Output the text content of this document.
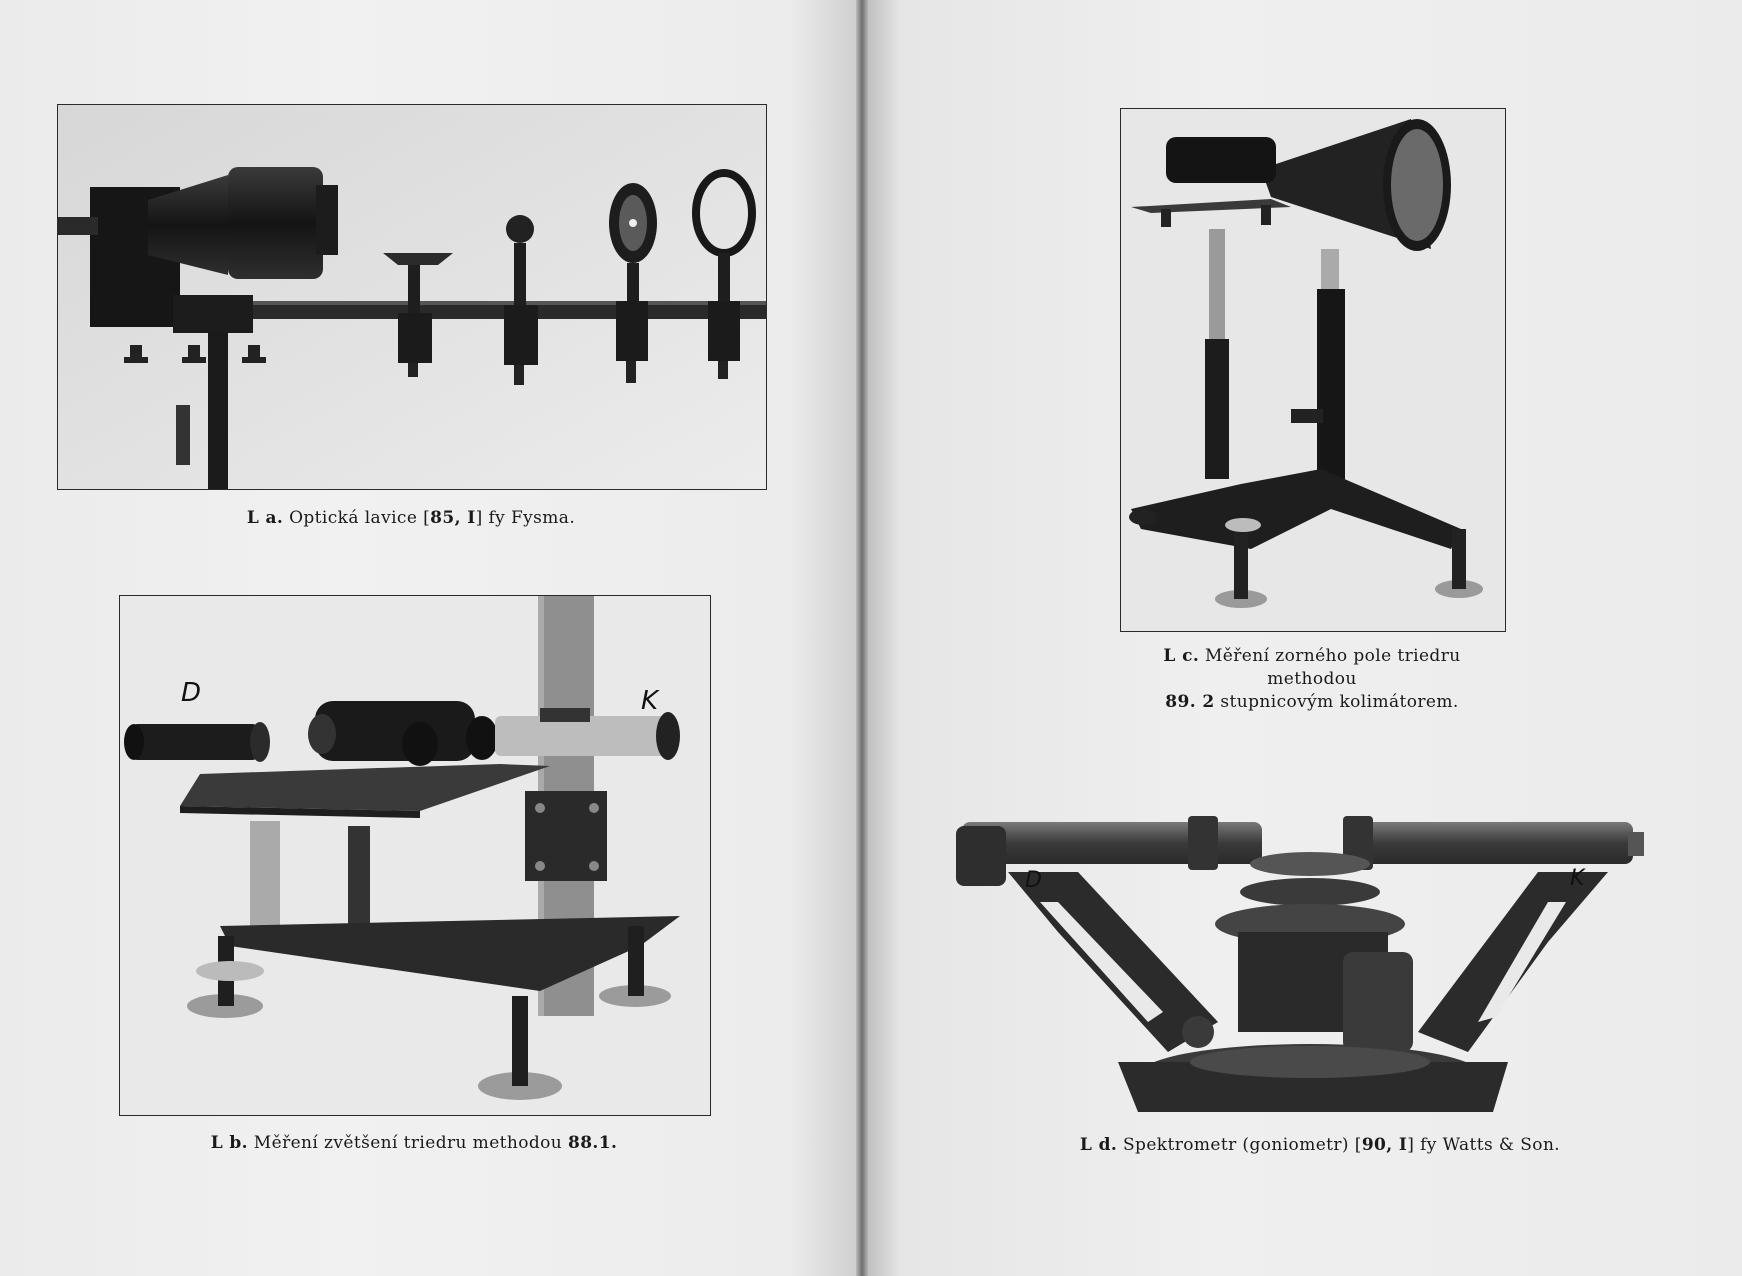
L a. Optická lavice [85, I] fy Fysma.
D	K
L b. Měření zvětšení triedru methodou 88.1.
L c. Měření zorného pole triedru methodou
89. 2 stupnicovým kolimátorem.
D	K
L d. Spektrometr (goniometr) [90, I] fy Watts & Son.
